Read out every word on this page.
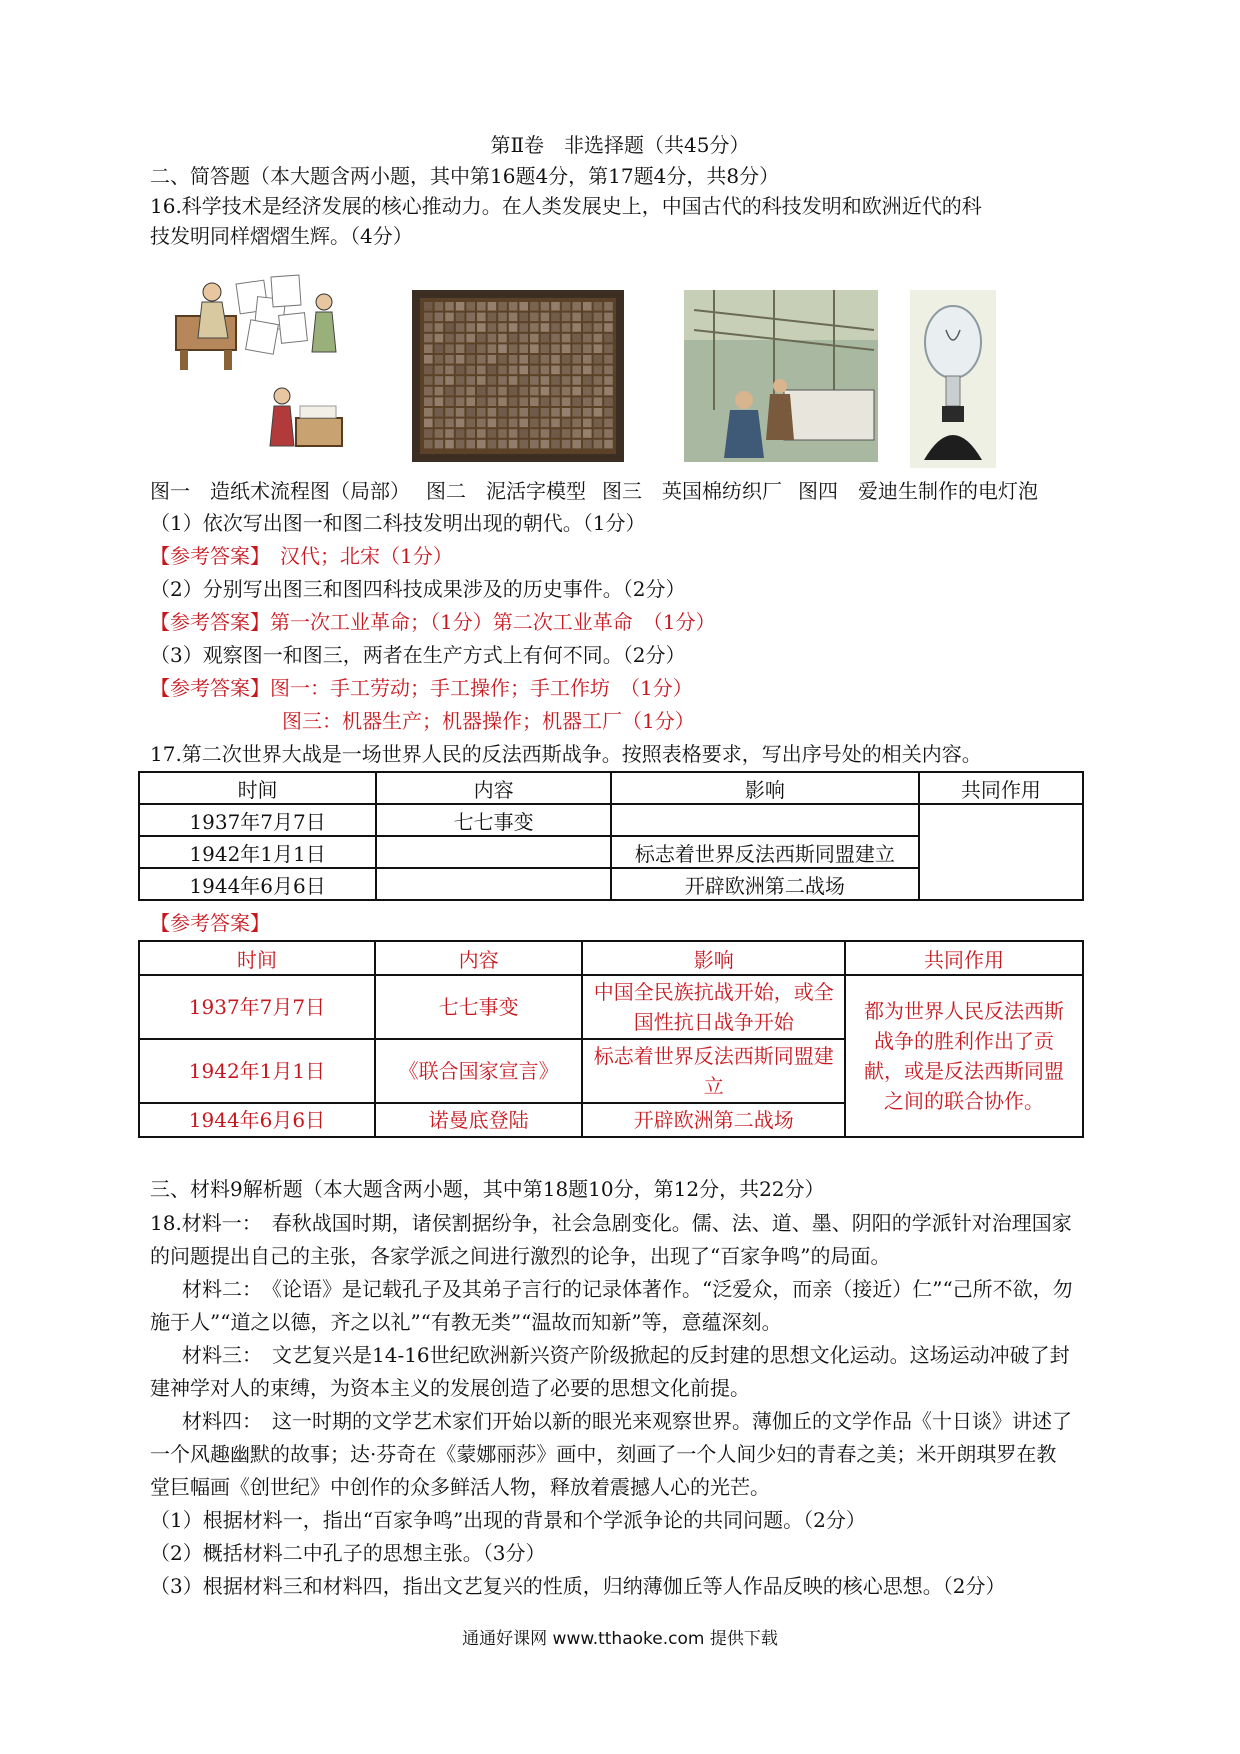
第Ⅱ卷　非选择题（共45分）
二、简答题（本大题含两小题，其中第16题4分，第17题4分，共8分）
16.科学技术是经济发展的核心推动力。在人类发展史上，中国古代的科技发明和欧洲近代的科
技发明同样熠熠生辉。（4分）
图一　造纸术流程图（局部） 图二　泥活字模型 图三　英国棉纺织厂 图四　爱迪生制作的电灯泡
（1）依次写出图一和图二科技发明出现的朝代。（1分）
【参考答案】　汉代；北宋（1分）
（2）分别写出图三和图四科技成果涉及的历史事件。（2分）
【参考答案】第一次工业革命；（1分）第二次工业革命　（1分）
（3）观察图一和图三，两者在生产方式上有何不同。（2分）
【参考答案】图一：手工劳动；手工操作；手工作坊　（1分）
图三：机器生产；机器操作；机器工厂（1分）
17.第二次世界大战是一场世界人民的反法西斯战争。按照表格要求，写出序号处的相关内容。
时间	内容	影响	共同作用
1937年7月7日	七七事变		
1942年1月1日		标志着世界反法西斯同盟建立	
1944年6月6日		开辟欧洲第二战场	
【参考答案】
时间	内容	影响	共同作用
1937年7月7日	七七事变	中国全民族抗战开始，或全国性抗日战争开始	都为世界人民反法西斯战争的胜利作出了贡献，或是反法西斯同盟之间的联合协作。
1942年1月1日	《联合国家宣言》	标志着世界反法西斯同盟建立	
1944年6月6日	诺曼底登陆	开辟欧洲第二战场	
三、材料9解析题（本大题含两小题，其中第18题10分，第12分，共22分）
18.材料一：　春秋战国时期，诸侯割据纷争，社会急剧变化。儒、法、道、墨、阴阳的学派针对治理国家的问题提出自己的主张，各家学派之间进行激烈的论争，出现了“百家争鸣”的局面。
材料二：　《论语》是记载孔子及其弟子言行的记录体著作。“泛爱众，而亲（接近）仁”“己所不欲，勿施于人”“道之以德，齐之以礼”“有教无类”“温故而知新”等，意蕴深刻。
材料三：　文艺复兴是14-16世纪欧洲新兴资产阶级掀起的反封建的思想文化运动。这场运动冲破了封建神学对人的束缚，为资本主义的发展创造了必要的思想文化前提。
材料四：　这一时期的文学艺术家们开始以新的眼光来观察世界。薄伽丘的文学作品《十日谈》讲述了一个风趣幽默的故事；达·芬奇在《蒙娜丽莎》画中，刻画了一个人间少妇的青春之美；米开朗琪罗在教堂巨幅画《创世纪》中创作的众多鲜活人物，释放着震撼人心的光芒。
（1）根据材料一，指出“百家争鸣”出现的背景和个学派争论的共同问题。（2分）
（2）概括材料二中孔子的思想主张。（3分）
（3）根据材料三和材料四，指出文艺复兴的性质，归纳薄伽丘等人作品反映的核心思想。（2分）
通通好课网 www.tthaoke.com 提供下载
